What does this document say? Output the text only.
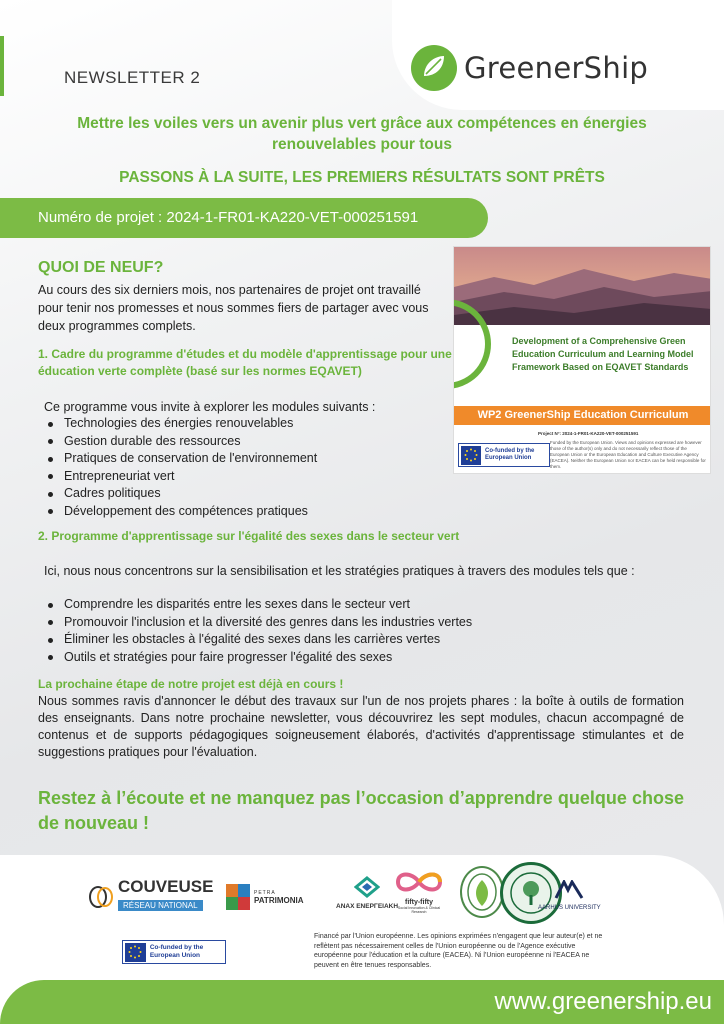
NEWSLETTER 2	GreenerShip
Mettre les voiles vers un avenir plus vert grâce aux compétences en énergies renouvelables pour tous
PASSONS À LA SUITE, LES PREMIERS RÉSULTATS SONT PRÊTS
Numéro de projet : 2024-1-FR01-KA220-VET-000251591
QUOI DE NEUF?
Au cours des six derniers mois, nos partenaires de projet ont travaillé pour tenir nos promesses et nous sommes fiers de partager avec vous deux programmes complets.
1. Cadre du programme d'études et du modèle d'apprentissage pour une éducation verte complète (basé sur les normes EQAVET)
Ce programme vous invite à explorer les modules suivants :
Technologies des énergies renouvelables
Gestion durable des ressources
Pratiques de conservation de l'environnement
Entrepreneuriat vert
Cadres politiques
Développement des compétences pratiques
2. Programme d'apprentissage sur l'égalité des sexes dans le secteur vert
Ici, nous nous concentrons sur la sensibilisation et les stratégies pratiques à travers des modules tels que :
Comprendre les disparités entre les sexes dans le secteur vert
Promouvoir l'inclusion et la diversité des genres dans les industries vertes
Éliminer les obstacles à l'égalité des sexes dans les carrières vertes
Outils et stratégies pour faire progresser l'égalité des sexes
La prochaine étape de notre projet est déjà en cours !
Nous sommes ravis d'annoncer le début des travaux sur l'un de nos projets phares : la boîte à outils de formation des enseignants. Dans notre prochaine newsletter, vous découvrirez les sept modules, chacun accompagné de contenus et de supports pédagogiques soigneusement élaborés, d'activités d'apprentissage stimulantes et de suggestions pratiques pour l'évaluation.
Restez à l’écoute et ne manquez pas l’occasion d’apprendre quelque chose de nouveau !
Development of a Comprehensive Green Education Curriculum and Learning Model Framework Based on EQAVET Standards
WP2 GreenerShip Education Curriculum
Project N°: 2024-1-FR01-KA220-VET-000251591
Funded by the European Union. Views and opinions expressed are however those of the author(s) only and do not necessarily reflect those of the European Union or the European Education and Culture Executive Agency (EACEA). Neither the European Union nor EACEA can be held responsible for them.
Co-funded by the European Union
COUVEUSE
RÉSEAU NATIONAL
PETRA
PATRIMONIA
ANAX ΕΝΕΡΓΕΙΑΚΗ
fifty-fifty
Social Innovation & Clinical Research
AARHUS UNIVERSITY
Co-funded by the European Union
Financé par l'Union européenne. Les opinions exprimées n'engagent que leur auteur(e) et ne reflètent pas nécessairement celles de l'Union européenne ou de l'Agence exécutive européenne pour l'éducation et la culture (EACEA). Ni l'Union européenne ni l'EACEA ne peuvent en être tenues responsables.
www.greenership.eu
